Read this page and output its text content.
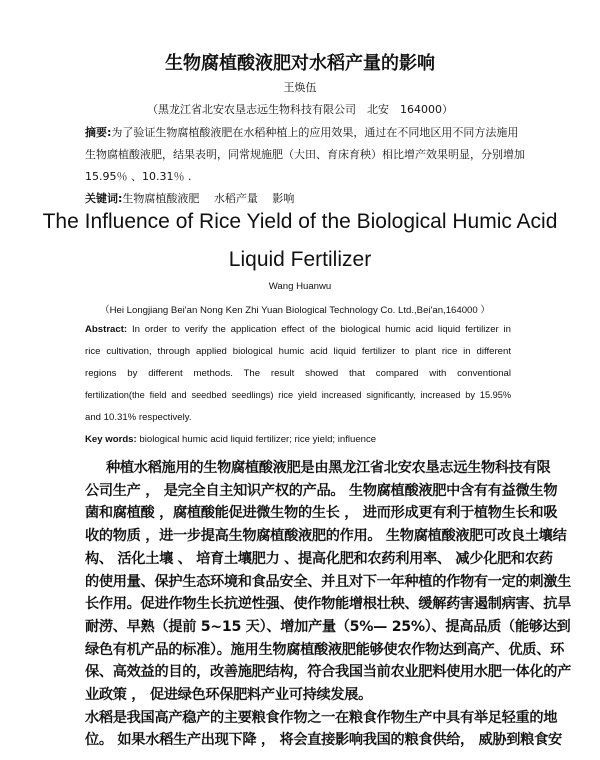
生物腐植酸液肥对水稻产量的影响
王焕伍
（黑龙江省北安农垦志远生物科技有限公司　北安　164000）
摘要:为了验证生物腐植酸液肥在水稻种植上的应用效果，通过在不同地区用不同方法施用
生物腐植酸液肥，结果表明，同常规施肥（大田、育床育秧）相比增产效果明显，分别增加
15.95％ 、10.31％ .
关键词:生物腐植酸液肥　 水稻产量　 影响
The Influence of Rice Yield of the Biological Humic Acid
Liquid Fertilizer
Wang Huanwu
（Hei Longjiang Bei'an Nong Ken Zhi Yuan Biological Technology Co. Ltd.,Bei'an,164000 ）
Abstract: In order to verify the application effect of the biological humic acid liquid fertilizer in
rice cultivation, through applied biological humic acid liquid fertilizer to plant rice in different
regions by different methods. The result showed that compared with conventional
fertilization(the field and seedbed seedlings) rice yield increased significantly, increased by 15.95%
and 10.31% respectively.
Key words: biological humic acid liquid fertilizer; rice yield; influence
种植水稻施用的生物腐植酸液肥是由黑龙江省北安农垦志远生物科技有限
公司生产 ， 是完全自主知识产权的产品。 生物腐植酸液肥中含有有益微生物
菌和腐植酸 ，腐植酸能促进微生物的生长 ， 进而形成更有利于植物生长和吸
收的物质 ，进一步提高生物腐植酸液肥的作用。 生物腐植酸液肥可改良土壤结
构、 活化土壤 、 培育土壤肥力 、提高化肥和农药利用率、 减少化肥和农药
的使用量、保护生态环境和食品安全、并且对下一年种植的作物有一定的刺激生
长作用。促进作物生长抗逆性强、使作物能增根壮秧、缓解药害遏制病害、抗旱
耐涝、早熟（提前 5~15 天）、增加产量（5%— 25%）、提高品质（能够达到
绿色有机产品的标准）。施用生物腐植酸液肥能够使农作物达到高产、优质、环
保、高效益的目的，改善施肥结构，符合我国当前农业肥料使用水肥一体化的产
业政策 ， 促进绿色环保肥料产业可持续发展。
水稻是我国高产稳产的主要粮食作物之一在粮食作物生产中具有举足轻重的地
位。 如果水稻生产出现下降 ， 将会直接影响我国的粮食供给， 威胁到粮食安
